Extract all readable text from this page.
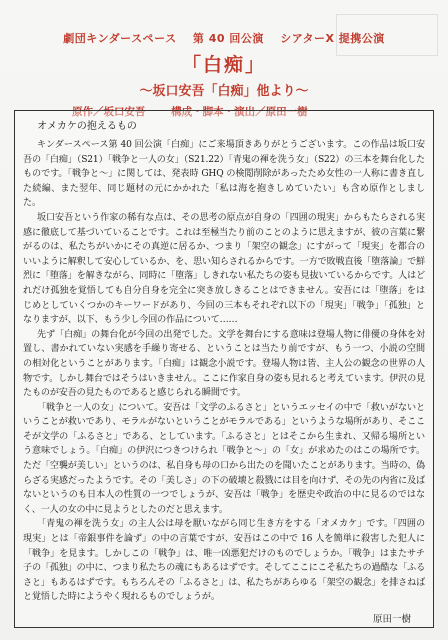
劇団キンダースペース 第 40 回公演 シアターX 提携公演
「白痴」
〜坂口安吾「白痴」他より〜
原作／坂口安吾 構成・脚本・演出／原田一樹
オメカケの抱えるもの

キンダースペース第 40 回公演「白痴」にご来場頂きありがとうございます。この作品は坂口安吾の「白痴」（S21）「戦争と一人の女」（S21.22）「青鬼の褌を洗う女」（S22）の三本を舞台化したものです。「戦争と〜」に関しては、発表時 GHQ の検閲削除があったため女性の一人称に書き直した続編、また翌年、同じ題材の元にかかれた「私は海を抱きしめていたい」も含め原作としました。

坂口安吾という作家の稀有な点は、その思考の原点が自身の「四囲の現実」からもたらされる実感に徹底して基づいていることです。これは至極当たり前のことのように思えますが、彼の言葉に繋がるのは、私たちがいかにその真逆に居るか、つまり「架空の観念」にすがって「現実」を都合のいいように解釈して安心しているか、を、思い知らされるからです。一方で敗戦直後「堕落論」で鮮烈に「堕落」を解きながら、同時に「堕落」しきれない私たちの姿も見抜いているからです。人はどれだけ孤独を覚悟しても自分自身を完全に突き放しきることはできません。安吾には「堕落」をはじめとしていくつかのキーワードがあり、今回の三本もそれぞれ以下の「現実」「戦争」「孤独」となりますが、以下、もう少し今回の作品について……

先ず「白痴」の舞台化が今回の出発でした。文学を舞台にする意味は登場人物に俳優の身体を対置し、書かれていない実感を手繰り寄せる、ということは当たり前ですが、もう一つ、小説の空間の相対化ということがあります。「白痴」は観念小説です。登場人物は皆、主人公の観念の世界の人物です。しかし舞台ではそうはいきません。ここに作家自身の姿も見れると考えています。伊沢の見たものが安吾の見たものであると感じられる瞬間です。

「戦争と一人の女」について。安吾は「文学のふるさと」というエッセイの中で「救いがないということが救いであり、モラルがないということがモラルである」というような場所があり、そここそが文学の「ふるさと」である、としています。「ふるさと」とはそこから生まれ、又帰る場所という意味でしょう。「白痴」の伊沢につきつけられ「戦争と〜」の「女」が求めたのはこの場所です。ただ「空襲が美しい」というのは、私自身も母の口から出たのを聞いたことがあります。当時の、偽らざる実感だったようです。その「美しさ」の下の破壊と殺戮には目を向けず、その先の内省に及ばないというのも日本人の性質の一つでしょうが、安吾は「戦争」を歴史や政治の中に見るのではなく、一人の女の中に見ようとしたのだと思えます。

「青鬼の褌を洗う女」の主人公は母を厭いながら同じ生き方をする「オメカケ」です。「四囲の現実」とは「帝銀事件を論ず」の中の言葉ですが、安吾はこの中で 16 人を簡単に殺害した犯人に「戦争」を見ます。しかしこの「戦争」は、唯一凶悪犯だけのものでしょうか。「戦争」はまたサチ子の「孤独」の中に、つまり私たちの魂にもあるはずです。そしてここにこそ私たちの過酷な「ふるさと」もあるはずです。もちろんその「ふるさと」は、私たちがあらゆる「架空の観念」を排さねばと覚悟した時にようやく現れるものでしょうが。

原田一樹
